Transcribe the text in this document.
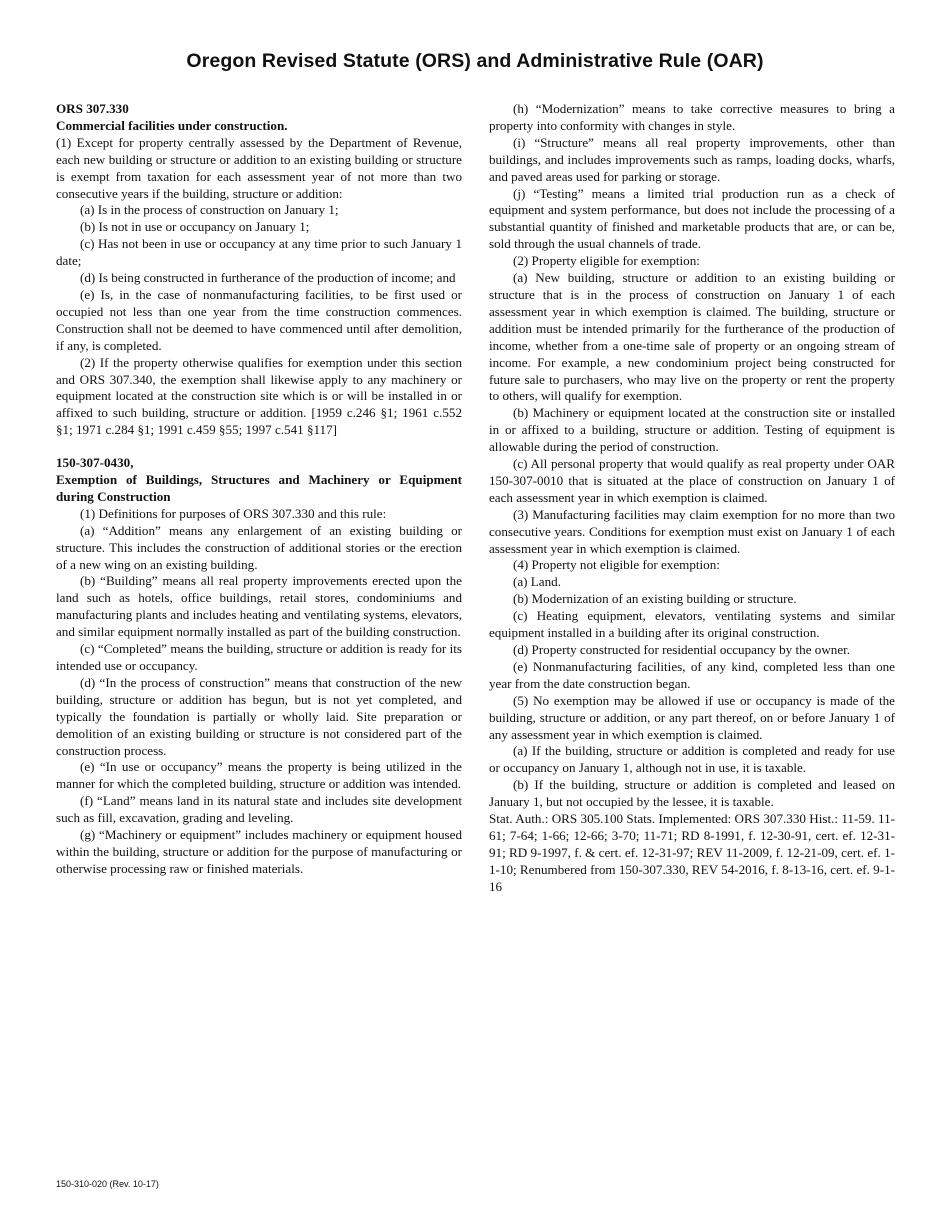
Oregon Revised Statute (ORS) and Administrative Rule (OAR)

ORS 307.330

Commercial facilities under construction.

(1) Except for property centrally assessed by the Department of Revenue, each new building or structure or addition to an existing building or structure is exempt from taxation for each assessment year of not more than two consecutive years if the building, structure or addition:

(a) Is in the process of construction on January 1;

(b) Is not in use or occupancy on January 1;

(c) Has not been in use or occupancy at any time prior to such January 1 date;

(d) Is being constructed in furtherance of the production of income; and

(e) Is, in the case of nonmanufacturing facilities, to be first used or occupied not less than one year from the time construction commences. Construction shall not be deemed to have commenced until after demolition, if any, is completed.

(2) If the property otherwise qualifies for exemption under this section and ORS 307.340, the exemption shall likewise apply to any machinery or equipment located at the construction site which is or will be installed in or affixed to such building, structure or addition. [1959 c.246 §1; 1961 c.552 §1; 1971 c.284 §1; 1991 c.459 §55; 1997 c.541 §117]

150-307-0430,

Exemption of Buildings, Structures and Machinery or Equipment during Construction

(1) Definitions for purposes of ORS 307.330 and this rule:

(a) “Addition” means any enlargement of an existing building or structure. This includes the construction of additional stories or the erection of a new wing on an existing building.

(b) “Building” means all real property improvements erected upon the land such as hotels, office buildings, retail stores, condominiums and manufacturing plants and includes heating and ventilating systems, elevators, and similar equipment normally installed as part of the building construction.

(c) “Completed” means the building, structure or addition is ready for its intended use or occupancy.

(d) “In the process of construction” means that construction of the new building, structure or addition has begun, but is not yet completed, and typically the foundation is partially or wholly laid. Site preparation or demolition of an existing building or structure is not considered part of the construction process.

(e) “In use or occupancy” means the property is being utilized in the manner for which the completed building, structure or addition was intended.

(f) “Land” means land in its natural state and includes site development such as fill, excavation, grading and leveling.

(g) “Machinery or equipment” includes machinery or equipment housed within the building, structure or addition for the purpose of manufacturing or otherwise processing raw or finished materials.

(h) “Modernization” means to take corrective measures to bring a property into conformity with changes in style.

(i) “Structure” means all real property improvements, other than buildings, and includes improvements such as ramps, loading docks, wharfs, and paved areas used for parking or storage.

(j) “Testing” means a limited trial production run as a check of equipment and system performance, but does not include the processing of a substantial quantity of finished and marketable products that are, or can be, sold through the usual channels of trade.

(2) Property eligible for exemption:

(a) New building, structure or addition to an existing building or structure that is in the process of construction on January 1 of each assessment year in which exemption is claimed. The building, structure or addition must be intended primarily for the furtherance of the production of income, whether from a one-time sale of property or an ongoing stream of income. For example, a new condominium project being constructed for future sale to purchasers, who may live on the property or rent the property to others, will qualify for exemption.

(b) Machinery or equipment located at the construction site or installed in or affixed to a building, structure or addition. Testing of equipment is allowable during the period of construction.

(c) All personal property that would qualify as real property under OAR 150-307-0010 that is situated at the place of construction on January 1 of each assessment year in which exemption is claimed.

(3) Manufacturing facilities may claim exemption for no more than two consecutive years. Conditions for exemption must exist on January 1 of each assessment year in which exemption is claimed.

(4) Property not eligible for exemption:

(a) Land.

(b) Modernization of an existing building or structure.

(c) Heating equipment, elevators, ventilating systems and similar equipment installed in a building after its original construction.

(d) Property constructed for residential occupancy by the owner.

(e) Nonmanufacturing facilities, of any kind, completed less than one year from the date construction began.

(5) No exemption may be allowed if use or occupancy is made of the building, structure or addition, or any part thereof, on or before January 1 of any assessment year in which exemption is claimed.

(a) If the building, structure or addition is completed and ready for use or occupancy on January 1, although not in use, it is taxable.

(b) If the building, structure or addition is completed and leased on January 1, but not occupied by the lessee, it is taxable.

Stat. Auth.: ORS 305.100 Stats. Implemented: ORS 307.330 Hist.: 11-59. 11-61; 7-64; 1-66; 12-66; 3-70; 11-71; RD 8-1991, f. 12-30-91, cert. ef. 12-31-91; RD 9-1997, f. & cert. ef. 12-31-97; REV 11-2009, f. 12-21-09, cert. ef. 1-1-10; Renumbered from 150-307.330, REV 54-2016, f. 8-13-16, cert. ef. 9-1-16

150-310-020 (Rev. 10-17)
